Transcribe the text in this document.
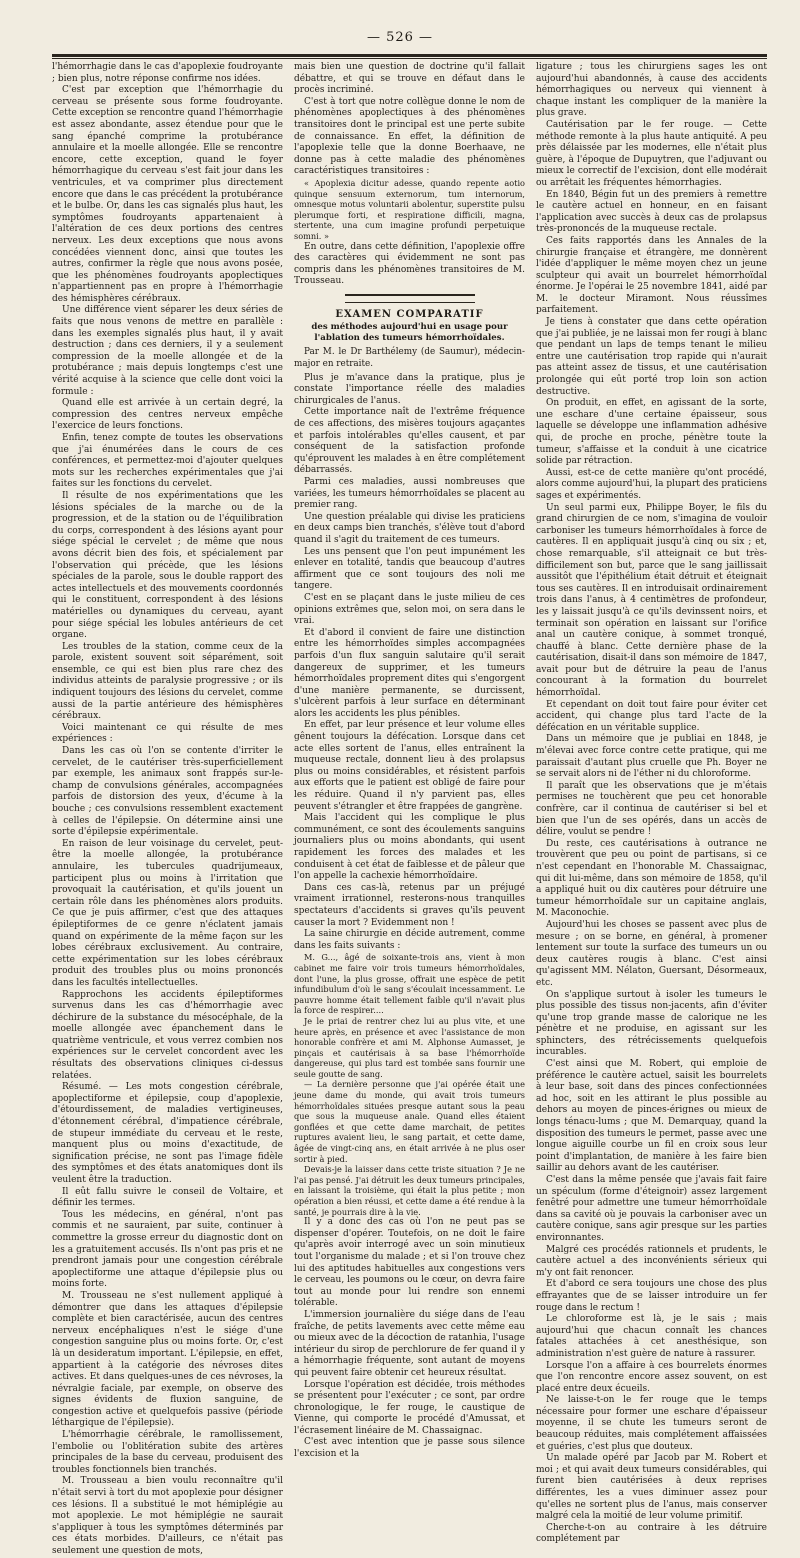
— 526 —

l'hémorrhagie dans le cas d'apoplexie foudroyante ; bien plus, notre réponse confirme nos idées.

C'est par exception que l'hémorrhagie du cerveau se présente sous forme foudroyante. Cette exception se rencontre quand l'hémorrhagie est assez abondante, assez étendue pour que le sang épanché comprime la protubérance annulaire et la moelle allongée. Elle se rencontre encore, cette exception, quand le foyer hémorrhagique du cerveau s'est fait jour dans les ventricules, et va comprimer plus directement encore que dans le cas précédent la protubérance et le bulbe. Or, dans les cas signalés plus haut, les symptômes foudroyants appartenaient à l'altération de ces deux portions des centres nerveux. Les deux exceptions que nous avons concédées viennent donc, ainsi que toutes les autres, confirmer la règle que nous avons posée, que les phénomènes foudroyants apoplectiques n'appartiennent pas en propre à l'hémorrhagie des hémisphères cérébraux.

Une différence vient séparer les deux séries de faits que nous venons de mettre en parallèle : dans les exemples signalés plus haut, il y avait destruction ; dans ces derniers, il y a seulement compression de la moelle allongée et de la protubérance ; mais depuis longtemps c'est une vérité acquise à la science que celle dont voici la formule :

Quand elle est arrivée à un certain degré, la compression des centres nerveux empêche l'exercice de leurs fonctions.

Enfin, tenez compte de toutes les observations que j'ai énumérées dans le cours de ces conférences, et permettez-moi d'ajouter quelques mots sur les recherches expérimentales que j'ai faites sur les fonctions du cervelet.

Il résulte de nos expérimentations que les lésions spéciales de la marche ou de la progression, et de la station ou de l'équilibration du corps, correspondent à des lésions ayant pour siége spécial le cervelet ; de même que nous avons décrit bien des fois, et spécialement par l'observation qui précède, que les lésions spéciales de la parole, sous le double rapport des actes intellectuels et des mouvements coordonnés qui le constituent, correspondent à des lésions matérielles ou dynamiques du cerveau, ayant pour siége spécial les lobules antérieurs de cet organe.

Les troubles de la station, comme ceux de la parole, existent souvent soit séparément, soit ensemble, ce qui est bien plus rare chez des individus atteints de paralysie progressive ; or ils indiquent toujours des lésions du cervelet, comme aussi de la partie antérieure des hémisphères cérébraux.

Voici maintenant ce qui résulte de mes expériences :

Dans les cas où l'on se contente d'irriter le cervelet, de le cautériser très-superficiellement par exemple, les animaux sont frappés sur-le-champ de convulsions générales, accompagnées parfois de distorsion des yeux, d'écume à la bouche ; ces convulsions ressemblent exactement à celles de l'épilepsie. On détermine ainsi une sorte d'épilepsie expérimentale.

En raison de leur voisinage du cervelet, peut-être la moelle allongée, la protubérance annulaire, les tubercules quadrijumeaux, participent plus ou moins à l'irritation que provoquait la cautérisation, et qu'ils jouent un certain rôle dans les phénomènes alors produits. Ce que je puis affirmer, c'est que des attaques épileptiformes de ce genre n'éclatent jamais quand on expérimente de la même façon sur les lobes cérébraux exclusivement. Au contraire, cette expérimentation sur les lobes cérébraux produit des troubles plus ou moins prononcés dans les facultés intellectuelles.

Rapprochons les accidents épileptiformes survenus dans les cas d'hémorrhagie avec déchirure de la substance du mésocéphale, de la moelle allongée avec épanchement dans le quatrième ventricule, et vous verrez combien nos expériences sur le cervelet concordent avec les résultats des observations cliniques ci-dessus relatées.

Résumé. — Les mots congestion cérébrale, apoplectiforme et épilepsie, coup d'apoplexie, d'étourdissement, de maladies vertigineuses, d'étonnement cérébral, d'impatience cérébrale, de stupeur immédiate du cerveau et le reste, manquent plus ou moins d'exactitude, de signification précise, ne sont pas l'image fidèle des symptômes et des états anatomiques dont ils veulent être la traduction.

Il eût fallu suivre le conseil de Voltaire, et définir les termes.

Tous les médecins, en général, n'ont pas commis et ne sauraient, par suite, continuer à commettre la grosse erreur du diagnostic dont on les a gratuitement accusés. Ils n'ont pas pris et ne prendront jamais pour une congestion cérébrale apoplectiforme une attaque d'épilepsie plus ou moins forte.

M. Trousseau ne s'est nullement appliqué à démontrer que dans les attaques d'épilepsie complète et bien caractérisée, aucun des centres nerveux encéphaliques n'est le siége d'une congestion sanguine plus ou moins forte. Or, c'est là un desideratum important. L'épilepsie, en effet, appartient à la catégorie des névroses dites actives. Et dans quelques-unes de ces névroses, la névralgie faciale, par exemple, on observe des signes évidents de fluxion sanguine, de congestion active et quelquefois passive (période léthargique de l'épilepsie).

L'hémorrhagie cérébrale, le ramollissement, l'embolie ou l'oblitération subite des artères principales de la base du cerveau, produisent des troubles fonctionnels bien tranchés.

M. Trousseau a bien voulu reconnaître qu'il n'était servi à tort du mot apoplexie pour désigner ces lésions. Il a substitué le mot hémiplégie au mot apoplexie. Le mot hémiplégie ne saurait s'appliquer à tous les symptômes déterminés par ces états morbides. D'ailleurs, ce n'était pas seulement une question de mots,

mais bien une question de doctrine qu'il fallait débattre, et qui se trouve en défaut dans le procès incriminé.

C'est à tort que notre collègue donne le nom de phénomènes apoplectiques à des phénomènes transitoires dont le principal est une perte subite de connaissance. En effet, la définition de l'apoplexie telle que la donne Boerhaave, ne donne pas à cette maladie des phénomènes caractéristiques transitoires :

« Apoplexia dicitur adesse, quando repente aotio quinque sensuum externorum, tum internorum, omnesque motus voluntarii abolentur, superstite pulsu plerumque forti, et respiratione difficili, magna, stertente, una cum imagine profundi perpetuique somni. »

En outre, dans cette définition, l'apoplexie offre des caractères qui évidemment ne sont pas compris dans les phénomènes transitoires de M. Trousseau.

EXAMEN COMPARATIF
des méthodes aujourd'hui en usage pour l'ablation des tumeurs hémorrhoïdales.
Par M. le Dr Barthélemy (de Saumur), médecin-major en retraite.

Plus je m'avance dans la pratique, plus je constate l'importance réelle des maladies chirurgicales de l'anus.

Cette importance naît de l'extrême fréquence de ces affections, des misères toujours agaçantes et parfois intolérables qu'elles causent, et par conséquent de la satisfaction profonde qu'éprouvent les malades à en être complétement débarrassés.

Parmi ces maladies, aussi nombreuses que variées, les tumeurs hémorrhoïdales se placent au premier rang.

Une question préalable qui divise les praticiens en deux camps bien tranchés, s'élève tout d'abord quand il s'agit du traitement de ces tumeurs.

Les uns pensent que l'on peut impunément les enlever en totalité, tandis que beaucoup d'autres affirment que ce sont toujours des noli me tangere.

C'est en se plaçant dans le juste milieu de ces opinions extrêmes que, selon moi, on sera dans le vrai.

Et d'abord il convient de faire une distinction entre les hémorrhoïdes simples accompagnées parfois d'un flux sanguin salutaire qu'il serait dangereux de supprimer, et les tumeurs hémorrhoïdales proprement dites qui s'engorgent d'une manière permanente, se durcissent, s'ulcèrent parfois à leur surface en déterminant alors les accidents les plus pénibles.

En effet, par leur présence et leur volume elles gênent toujours la défécation. Lorsque dans cet acte elles sortent de l'anus, elles entraînent la muqueuse rectale, donnent lieu à des prolapsus plus ou moins considérables, et résistent parfois aux efforts que le patient est obligé de faire pour les réduire. Quand il n'y parvient pas, elles peuvent s'étrangler et être frappées de gangrène.

Mais l'accident qui les complique le plus communément, ce sont des écoulements sanguins journaliers plus ou moins abondants, qui usent rapidement les forces des malades et les conduisent à cet état de faiblesse et de pâleur que l'on appelle la cachexie hémorrhoïdaire.

Dans ces cas-là, retenus par un préjugé vraiment irrationnel, resterons-nous tranquilles spectateurs d'accidents si graves qu'ils peuvent causer la mort ? Evidemment non !

La saine chirurgie en décide autrement, comme dans les faits suivants :

M. G..., âgé de soixante-trois ans, vient à mon cabinet me faire voir trois tumeurs hémorrhoïdales, dont l'une, la plus grosse, offrait une espèce de petit infundibulum d'où le sang s'écoulait incessamment. Le pauvre homme était tellement faible qu'il n'avait plus la force de respirer....

Je le priai de rentrer chez lui au plus vite, et une heure après, en présence et avec l'assistance de mon honorable confrère et ami M. Alphonse Aumasset, je pinçais et cautérisais à sa base l'hémorrhoïde dangereuse, qui plus tard est tombée sans fournir une seule goutte de sang.

— La dernière personne que j'ai opérée était une jeune dame du monde, qui avait trois tumeurs hémorrhoïdales situées presque autant sous la peau que sous la muqueuse anale. Quand elles étaient gonflées et que cette dame marchait, de petites ruptures avaient lieu, le sang partait, et cette dame, âgée de vingt-cinq ans, en était arrivée à ne plus oser sortir à pied.

Devais-je la laisser dans cette triste situation ? Je ne l'ai pas pensé. J'ai détruit les deux tumeurs principales, en laissant la troisième, qui était la plus petite ; mon opération a bien réussi, et cette dame a été rendue à la santé, je pourrais dire à la vie.

Il y a donc des cas où l'on ne peut pas se dispenser d'opérer. Toutefois, on ne doit le faire qu'après avoir interrogé avec un soin minutieux tout l'organisme du malade ; et si l'on trouve chez lui des aptitudes habituelles aux congestions vers le cerveau, les poumons ou le cœur, on devra faire tout au monde pour lui rendre son ennemi tolérable.

L'immersion journalière du siége dans de l'eau fraîche, de petits lavements avec cette même eau ou mieux avec de la décoction de ratanhia, l'usage intérieur du sirop de perchlorure de fer quand il y a hémorrhagie fréquente, sont autant de moyens qui peuvent faire obtenir cet heureux résultat.

Lorsque l'opération est décidée, trois méthodes se présentent pour l'exécuter ; ce sont, par ordre chronologique, le fer rouge, le caustique de Vienne, qui comporte le procédé d'Amussat, et l'écrasement linéaire de M. Chassaignac.

C'est avec intention que je passe sous silence l'excision et la

ligature ; tous les chirurgiens sages les ont aujourd'hui abandonnés, à cause des accidents hémorrhagiques ou nerveux qui viennent à chaque instant les compliquer de la manière la plus grave.

Cautérisation par le fer rouge. — Cette méthode remonte à la plus haute antiquité. A peu près délaissée par les modernes, elle n'était plus guère, à l'époque de Dupuytren, que l'adjuvant ou mieux le correctif de l'excision, dont elle modérait ou arrêtait les fréquentes hémorrhagies.

En 1840, Bégin fut un des premiers à remettre le cautère actuel en honneur, en en faisant l'application avec succès à deux cas de prolapsus très-prononcés de la muqueuse rectale.

Ces faits rapportés dans les Annales de la chirurgie française et étrangère, me donnèrent l'idée d'appliquer le même moyen chez un jeune sculpteur qui avait un bourrelet hémorrhoïdal énorme. Je l'opérai le 25 novembre 1841, aidé par M. le docteur Miramont. Nous réussîmes parfaitement.

Je tiens à constater que dans cette opération que j'ai publiée, je ne laissai mon fer rougi à blanc que pendant un laps de temps tenant le milieu entre une cautérisation trop rapide qui n'aurait pas atteint assez de tissus, et une cautérisation prolongée qui eût porté trop loin son action destructive.

On produit, en effet, en agissant de la sorte, une eschare d'une certaine épaisseur, sous laquelle se développe une inflammation adhésive qui, de proche en proche, pénètre toute la tumeur, s'affaisse et la conduit à une cicatrice solide par rétraction.

Aussi, est-ce de cette manière qu'ont procédé, alors comme aujourd'hui, la plupart des praticiens sages et expérimentés.

Un seul parmi eux, Philippe Boyer, le fils du grand chirurgien de ce nom, s'imagina de vouloir carboniser les tumeurs hémorrhoïdales à force de cautères. Il en appliquait jusqu'à cinq ou six ; et, chose remarquable, s'il atteignait ce but très-difficilement son but, parce que le sang jaillissait aussitôt que l'épithélium était détruit et éteignait tous ses cautères. Il en introduisait ordinairement trois dans l'anus, à 4 centimètres de profondeur, les y laissait jusqu'à ce qu'ils devinssent noirs, et terminait son opération en laissant sur l'orifice anal un cautère conique, à sommet tronqué, chauffé à blanc. Cette dernière phase de la cautérisation, disait-il dans son mémoire de 1847, avait pour but de détruire la peau de l'anus concourant à la formation du bourrelet hémorrhoïdal.

Et cependant on doit tout faire pour éviter cet accident, qui change plus tard l'acte de la défécation en un véritable supplice.

Dans un mémoire que je publiai en 1848, je m'élevai avec force contre cette pratique, qui me paraissait d'autant plus cruelle que Ph. Boyer ne se servait alors ni de l'éther ni du chloroforme.

Il paraît que les observations que je m'étais permises ne touchèrent que peu cet honorable confrère, car il continua de cautériser si bel et bien que l'un de ses opérés, dans un accès de délire, voulut se pendre !

Du reste, ces cautérisations à outrance ne trouvèrent que peu ou point de partisans, si ce n'est cependant en l'honorable M. Chassaignac, qui dit lui-même, dans son mémoire de 1858, qu'il a appliqué huit ou dix cautères pour détruire une tumeur hémorrhoïdale sur un capitaine anglais, M. Maconochie.

Aujourd'hui les choses se passent avec plus de mesure ; on se borne, en général, à promener lentement sur toute la surface des tumeurs un ou deux cautères rougis à blanc. C'est ainsi qu'agissent MM. Nélaton, Guersant, Désormeaux, etc.

On s'applique surtout à isoler les tumeurs le plus possible des tissus non-jacents, afin d'éviter qu'une trop grande masse de calorique ne les pénètre et ne produise, en agissant sur les sphincters, des rétrécissements quelquefois incurables.

C'est ainsi que M. Robert, qui emploie de préférence le cautère actuel, saisit les bourrelets à leur base, soit dans des pinces confectionnées ad hoc, soit en les attirant le plus possible au dehors au moyen de pinces-érignes ou mieux de longs ténacu-lums ; que M. Demarquay, quand la disposition des tumeurs le permet, passe avec une longue aiguille courbe un fil en croix sous leur point d'implantation, de manière à les faire bien saillir au dehors avant de les cautériser.

C'est dans la même pensée que j'avais fait faire un spéculum (forme d'éteignoir) assez largement fenêtré pour admettre une tumeur hémorrhoïdale dans sa cavité où je pouvais la carboniser avec un cautère conique, sans agir presque sur les parties environnantes.

Malgré ces procédés rationnels et prudents, le cautère actuel a des inconvénients sérieux qui m'y ont fait renoncer.

Et d'abord ce sera toujours une chose des plus effrayantes que de se laisser introduire un fer rouge dans le rectum !

Le chloroforme est là, je le sais ; mais aujourd'hui que chacun connaît les chances fatales attachées à cet anesthésique, son administration n'est guère de nature à rassurer.

Lorsque l'on a affaire à ces bourrelets énormes que l'on rencontre encore assez souvent, on est placé entre deux écueils.

Ne laisse-t-on le fer rouge que le temps nécessaire pour former une eschare d'épaisseur moyenne, il se chute les tumeurs seront de beaucoup réduites, mais complétement affaissées et guéries, c'est plus que douteux.

Un malade opéré par Jacob par M. Robert et moi ; et qui avait deux tumeurs considérables, qui furent bien cautérisées à deux reprises différentes, les a vues diminuer assez pour qu'elles ne sortent plus de l'anus, mais conserver malgré cela la moitié de leur volume primitif.

Cherche-t-on au contraire à les détruire complétement par
